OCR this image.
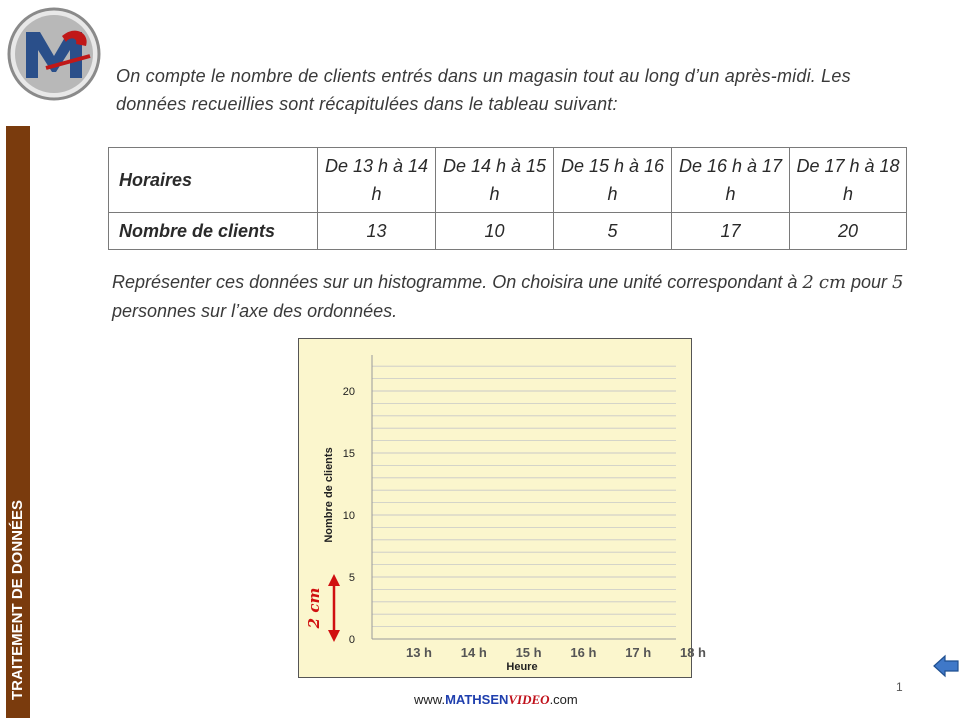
TRAITEMENT DE DONNÉES

On compte le nombre de clients entrés dans un magasin tout au long d’un après-midi. Les données recueillies sont récapitulées dans le tableau suivant:

Horaires	De 13 h à 14 h	De 14 h à 15 h	De 15 h à 16 h	De 16 h à 17 h	De 17 h à 18 h
Nombre de clients	13	10	5	17	20

Représenter ces données sur un histogramme. On choisira une unité correspondant à 2 cm pour 5 personnes sur l’axe des ordonnées.

0
5
10
15
20
13 h 14 h 15 h 16 h 17 h 18 h
Heure
Nombre de clients
2 cm
1
www.MATHSENVIDEO.com
